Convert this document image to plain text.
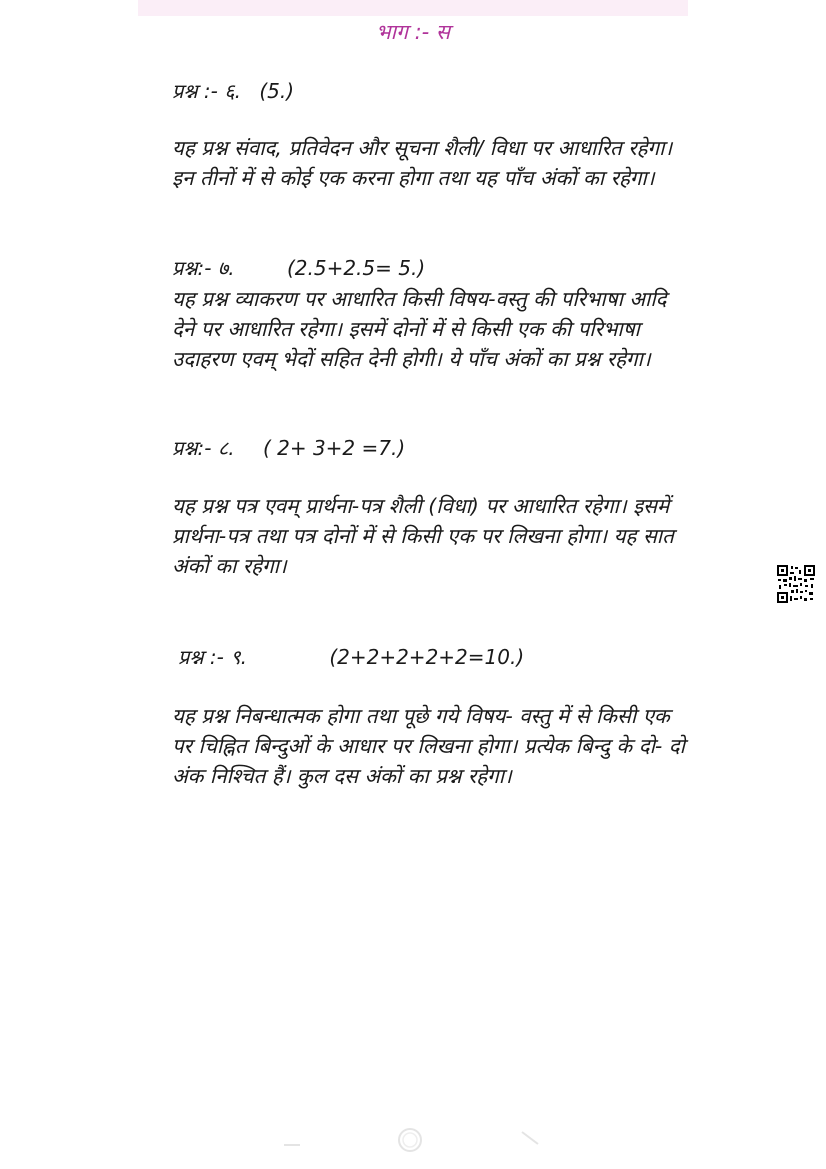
भाग :- स
प्रश्न :- ६. (5.)

यह प्रश्न संवाद, प्रतिवेदन और सूचना शैली/ विधा पर आधारित रहेगा। इन तीनों में से कोई एक करना होगा तथा यह पाँच अंकों का रहेगा।

प्रश्न:- ७.	(2.5+2.5= 5.)

यह प्रश्न व्याकरण पर आधारित किसी विषय-वस्तु की परिभाषा आदि देने पर आधारित रहेगा। इसमें दोनों में से किसी एक की परिभाषा उदाहरण एवम् भेदों सहित देनी होगी। ये पाँच अंकों का प्रश्न रहेगा।

प्रश्न:- ८. ( 2+ 3+2 =7.)

यह प्रश्न पत्र एवम् प्रार्थना-पत्र शैली (विधा) पर आधारित रहेगा। इसमें प्रार्थना-पत्र तथा पत्र दोनों में से किसी एक पर लिखना होगा। यह सात अंकों का रहेगा।

प्रश्न :- ९.	(2+2+2+2+2=10.)

यह प्रश्न निबन्धात्मक होगा तथा पूछे गये विषय- वस्तु में से किसी एक पर चिह्नित बिन्दुओं के आधार पर लिखना होगा। प्रत्येक बिन्दु के दो- दो अंक निश्चित हैं। कुल दस अंकों का प्रश्न रहेगा।
